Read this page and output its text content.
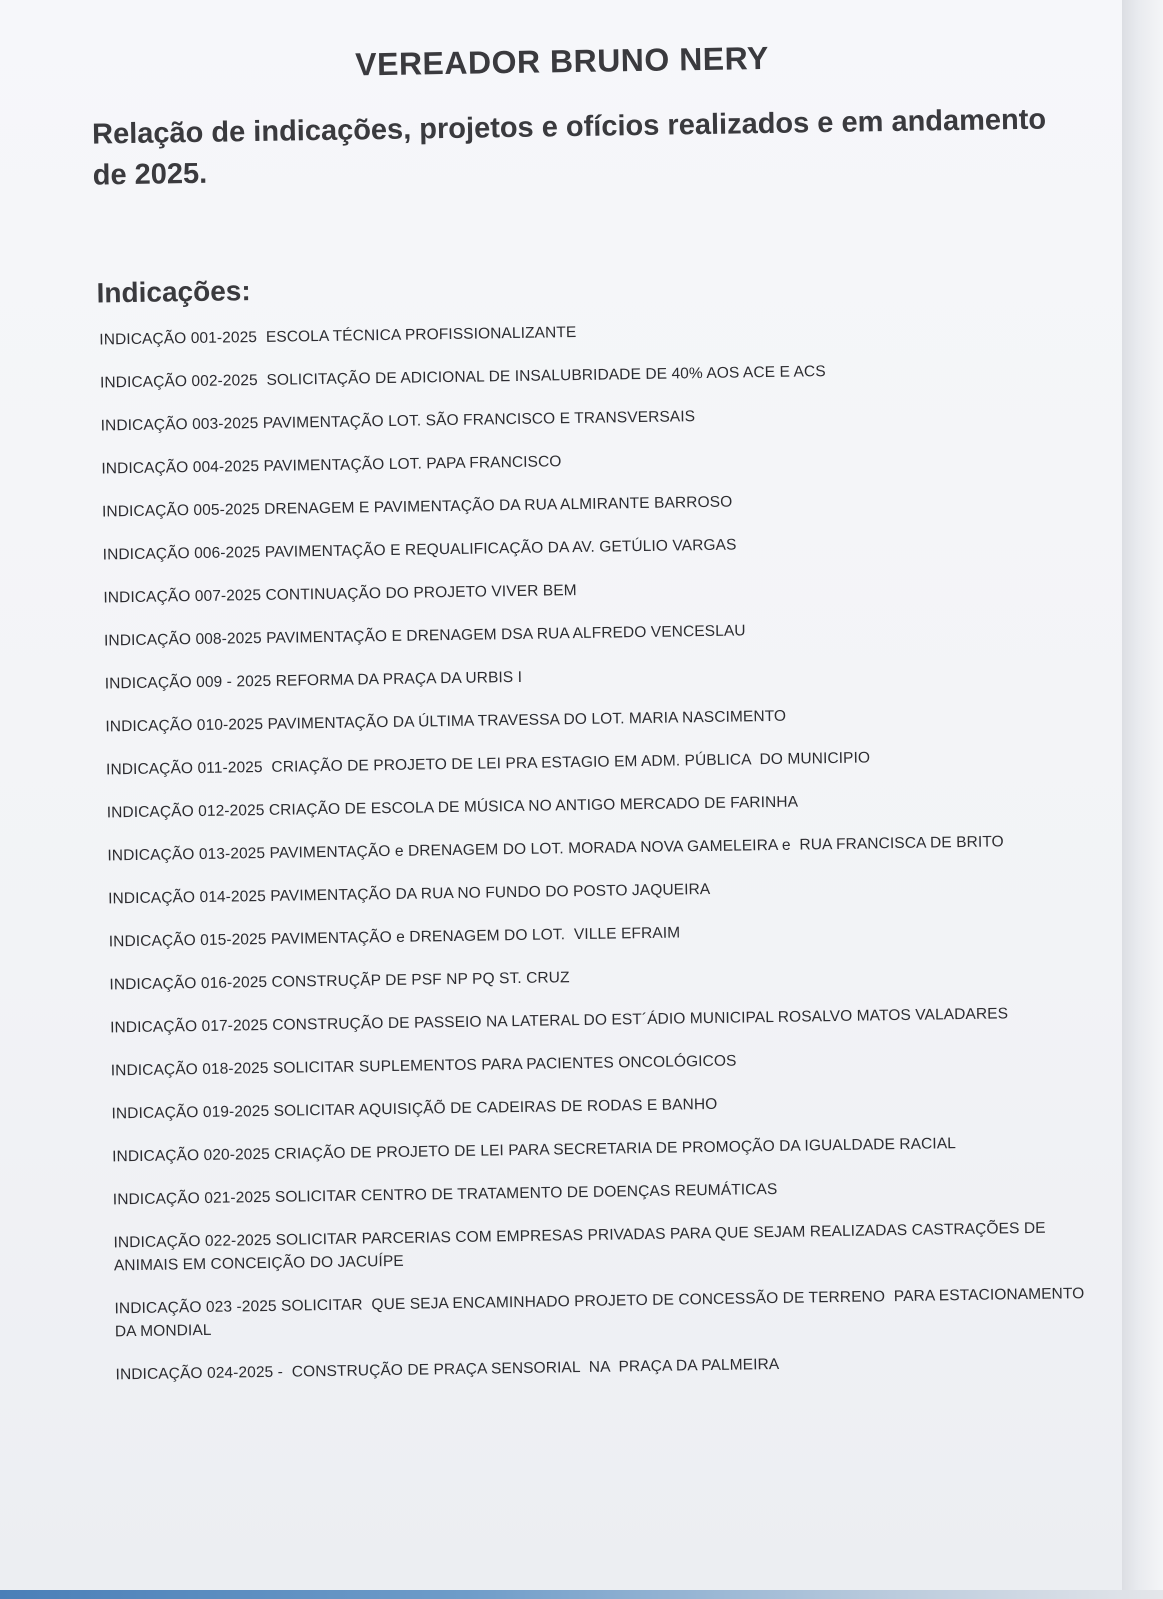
VEREADOR BRUNO NERY
Relação de indicações, projetos e ofícios realizados e em andamento de 2025.
Indicações:
INDICAÇÃO 001-2025  ESCOLA TÉCNICA PROFISSIONALIZANTE
INDICAÇÃO 002-2025  SOLICITAÇÃO DE ADICIONAL DE INSALUBRIDADE DE 40% AOS ACE E ACS
INDICAÇÃO 003-2025 PAVIMENTAÇÃO LOT. SÃO FRANCISCO E TRANSVERSAIS
INDICAÇÃO 004-2025 PAVIMENTAÇÃO LOT. PAPA FRANCISCO
INDICAÇÃO 005-2025 DRENAGEM E PAVIMENTAÇÃO DA RUA ALMIRANTE BARROSO
INDICAÇÃO 006-2025 PAVIMENTAÇÃO E REQUALIFICAÇÃO DA AV. GETÚLIO VARGAS
INDICAÇÃO 007-2025 CONTINUAÇÃO DO PROJETO VIVER BEM
INDICAÇÃO 008-2025 PAVIMENTAÇÃO E DRENAGEM DSA RUA ALFREDO VENCESLAU
INDICAÇÃO 009 - 2025 REFORMA DA PRAÇA DA URBIS I
INDICAÇÃO 010-2025 PAVIMENTAÇÃO DA ÚLTIMA TRAVESSA DO LOT. MARIA NASCIMENTO
INDICAÇÃO 011-2025  CRIAÇÃO DE PROJETO DE LEI PRA ESTAGIO EM ADM. PÚBLICA  DO MUNICIPIO
INDICAÇÃO 012-2025 CRIAÇÃO DE ESCOLA DE MÚSICA NO ANTIGO MERCADO DE FARINHA
INDICAÇÃO 013-2025 PAVIMENTAÇÃO e DRENAGEM DO LOT. MORADA NOVA GAMELEIRA e  RUA FRANCISCA DE BRITO
INDICAÇÃO 014-2025 PAVIMENTAÇÃO DA RUA NO FUNDO DO POSTO JAQUEIRA
INDICAÇÃO 015-2025 PAVIMENTAÇÃO e DRENAGEM DO LOT.  VILLE EFRAIM
INDICAÇÃO 016-2025 CONSTRUÇÃP DE PSF NP PQ ST. CRUZ
INDICAÇÃO 017-2025 CONSTRUÇÃO DE PASSEIO NA LATERAL DO EST´ÁDIO MUNICIPAL ROSALVO MATOS VALADARES
INDICAÇÃO 018-2025 SOLICITAR SUPLEMENTOS PARA PACIENTES ONCOLÓGICOS
INDICAÇÃO 019-2025 SOLICITAR AQUISIÇÃÕ DE CADEIRAS DE RODAS E BANHO
INDICAÇÃO 020-2025 CRIAÇÃO DE PROJETO DE LEI PARA SECRETARIA DE PROMOÇÃO DA IGUALDADE RACIAL
INDICAÇÃO 021-2025 SOLICITAR CENTRO DE TRATAMENTO DE DOENÇAS REUMÁTICAS
INDICAÇÃO 022-2025 SOLICITAR PARCERIAS COM EMPRESAS PRIVADAS PARA QUE SEJAM REALIZADAS CASTRAÇÕES DE ANIMAIS EM CONCEIÇÃO DO JACUÍPE
INDICAÇÃO 023 -2025 SOLICITAR  QUE SEJA ENCAMINHADO PROJETO DE CONCESSÃO DE TERRENO  PARA ESTACIONAMENTO DA MONDIAL
INDICAÇÃO 024-2025 -  CONSTRUÇÃO DE PRAÇA SENSORIAL  NA  PRAÇA DA PALMEIRA
